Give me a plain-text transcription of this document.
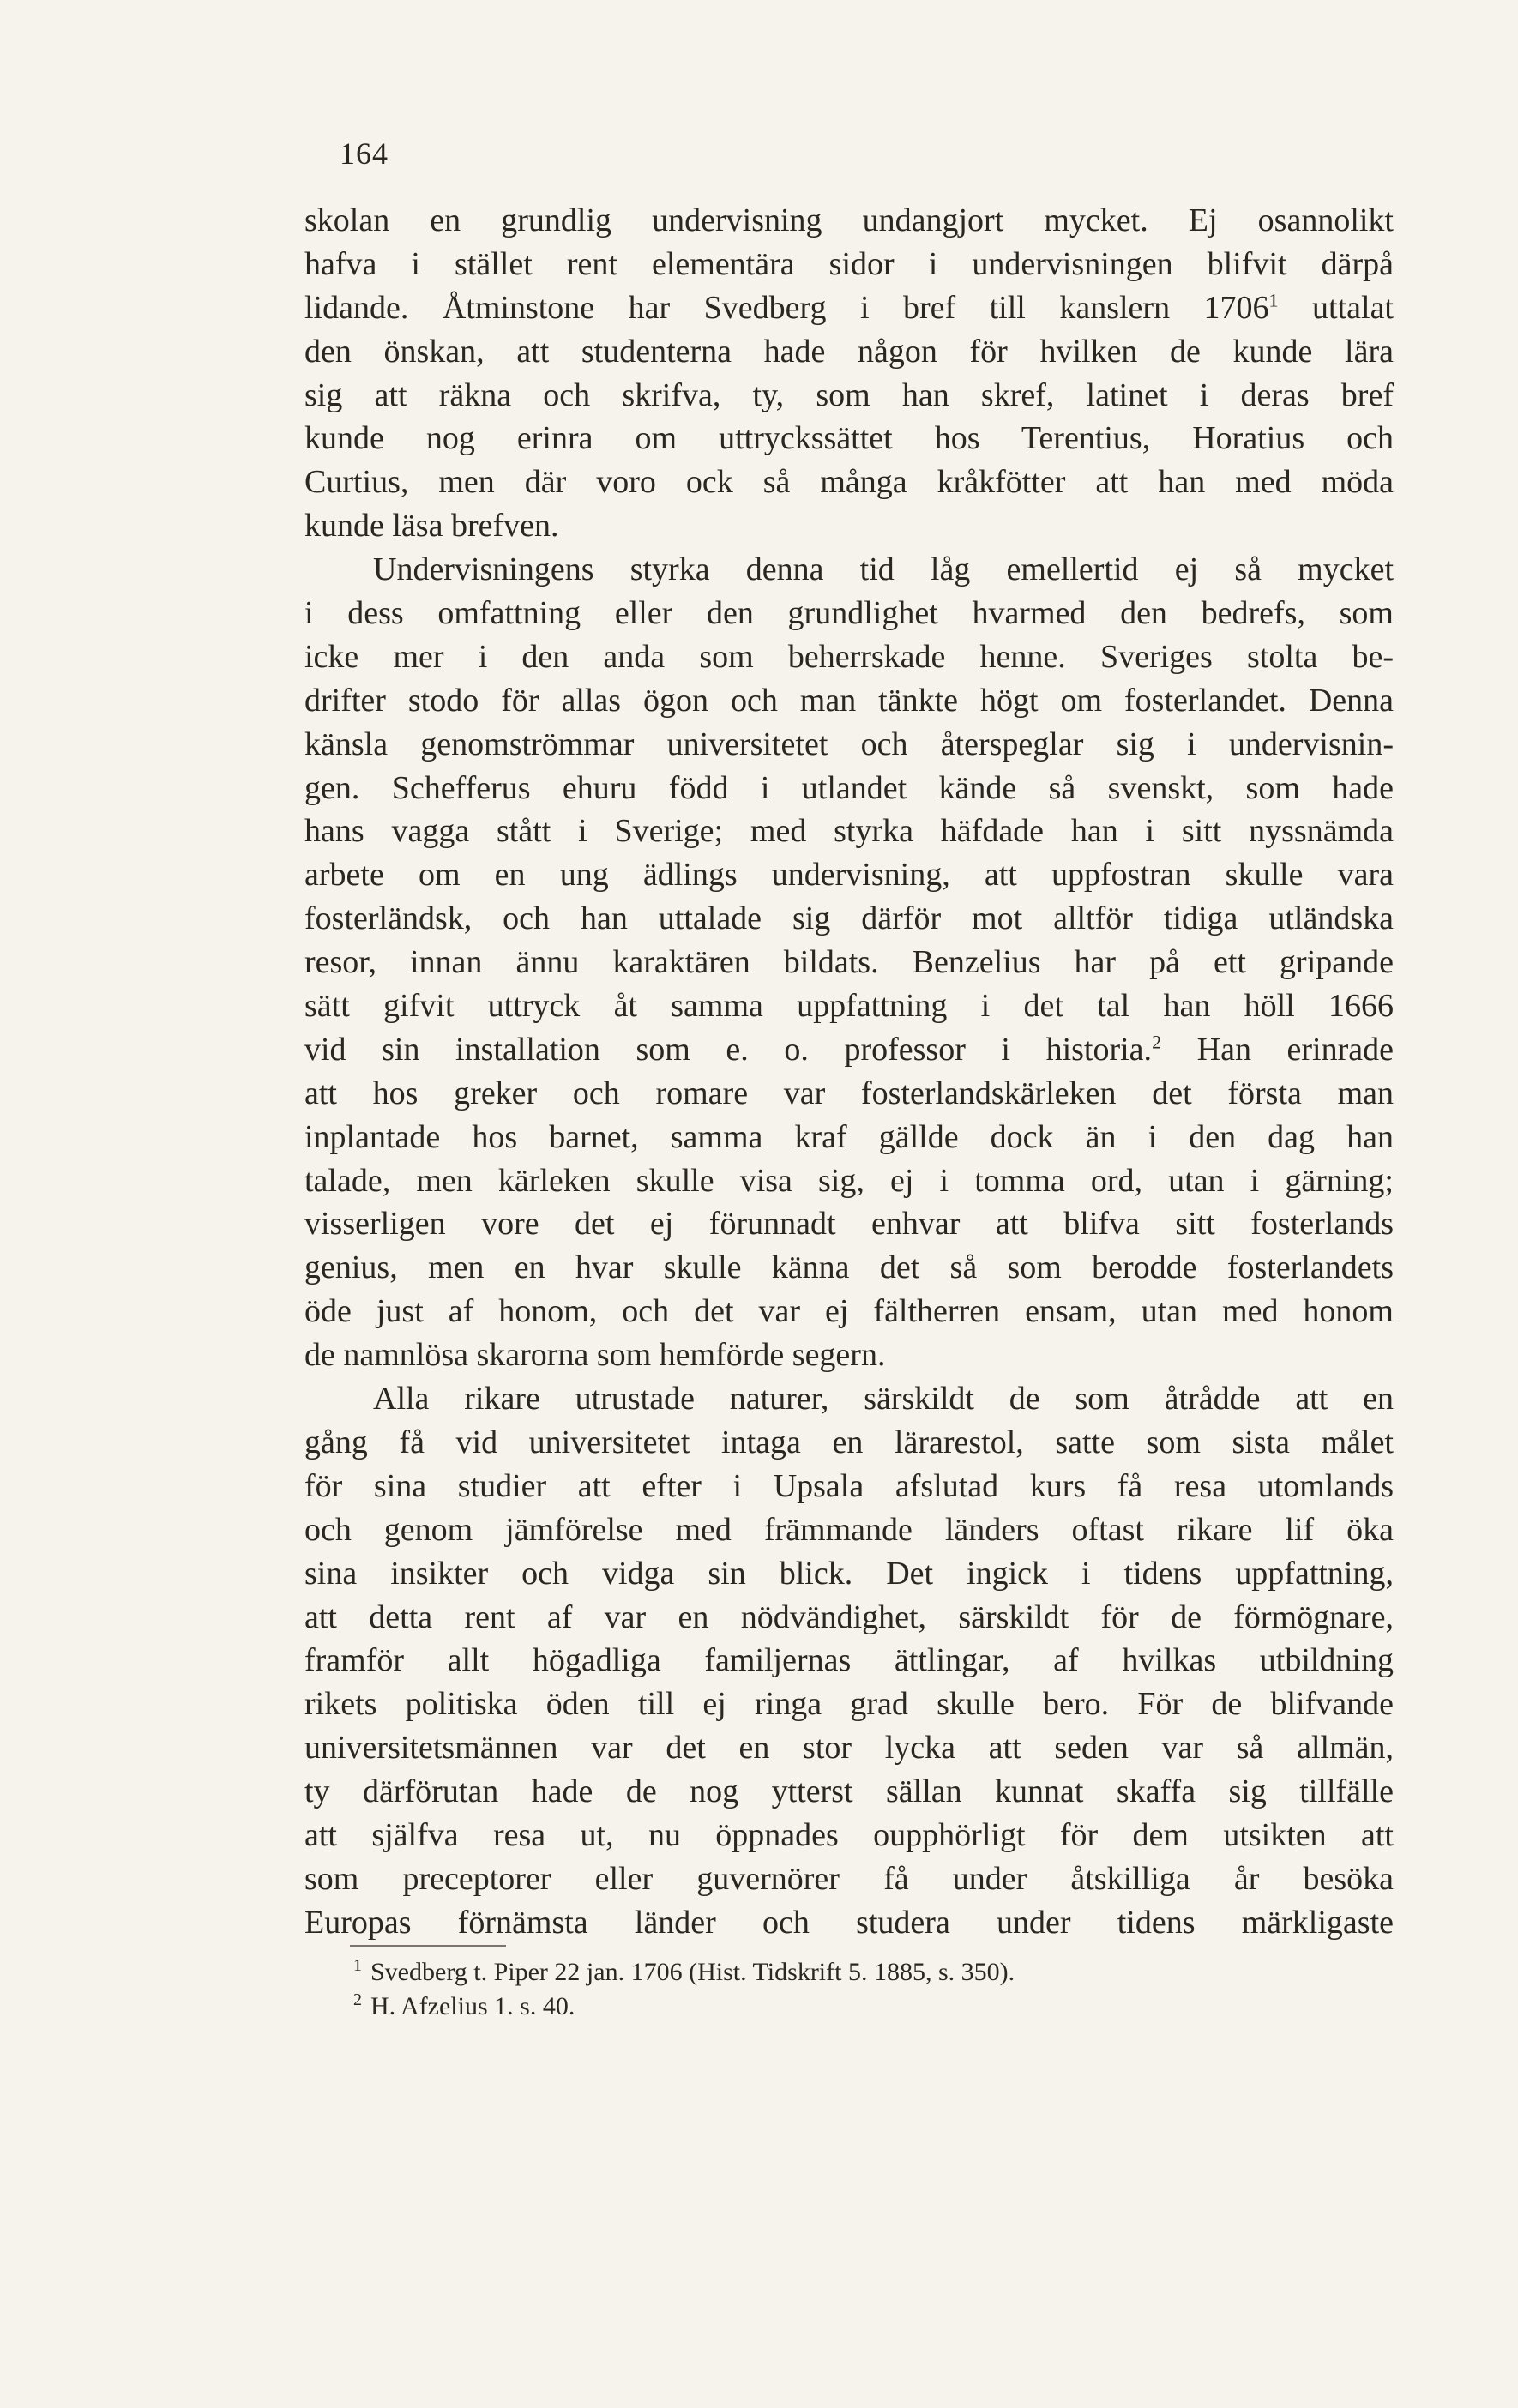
164
skolan en grundlig undervisning undangjort mycket. Ej osannolikt
hafva i stället rent elementära sidor i undervisningen blifvit därpå
lidande. Åtminstone har Svedberg i bref till kanslern 1706$^1$ uttalat
den önskan, att studenterna hade någon för hvilken de kunde lära
sig att räkna och skrifva, ty, som han skref, latinet i deras bref
kunde nog erinra om uttryckssättet hos Terentius, Horatius och
Curtius, men där voro ock så många kråkfötter att han med möda
kunde läsa brefven.
Undervisningens styrka denna tid låg emellertid ej så mycket
i dess omfattning eller den grundlighet hvarmed den bedrefs, som
icke mer i den anda som beherrskade henne. Sveriges stolta be-
drifter stodo för allas ögon och man tänkte högt om fosterlandet. Denna
känsla genomströmmar universitetet och återspeglar sig i undervisnin-
gen. Schefferus ehuru född i utlandet kände så svenskt, som hade
hans vagga stått i Sverige; med styrka häfdade han i sitt nyssnämda
arbete om en ung ädlings undervisning, att uppfostran skulle vara
fosterländsk, och han uttalade sig därför mot alltför tidiga utländska
resor, innan ännu karaktären bildats. Benzelius har på ett gripande
sätt gifvit uttryck åt samma uppfattning i det tal han höll 1666
vid sin installation som e. o. professor i historia.$^2$ Han erinrade
att hos greker och romare var fosterlandskärleken det första man
inplantade hos barnet, samma kraf gällde dock än i den dag han
talade, men kärleken skulle visa sig, ej i tomma ord, utan i gärning;
visserligen vore det ej förunnadt enhvar att blifva sitt fosterlands
genius, men en hvar skulle känna det så som berodde fosterlandets
öde just af honom, och det var ej fältherren ensam, utan med honom
de namnlösa skarorna som hemförde segern.
Alla rikare utrustade naturer, särskildt de som åtrådde att en
gång få vid universitetet intaga en lärarestol, satte som sista målet
för sina studier att efter i Upsala afslutad kurs få resa utomlands
och genom jämförelse med främmande länders oftast rikare lif öka
sina insikter och vidga sin blick. Det ingick i tidens uppfattning,
att detta rent af var en nödvändighet, särskildt för de förmögnare,
framför allt högadliga familjernas ättlingar, af hvilkas utbildning
rikets politiska öden till ej ringa grad skulle bero. För de blifvande
universitetsmännen var det en stor lycka att seden var så allmän,
ty därförutan hade de nog ytterst sällan kunnat skaffa sig tillfälle
att själfva resa ut, nu öppnades oupphörligt för dem utsikten att
som preceptorer eller guvernörer få under åtskilliga år besöka
Europas förnämsta länder och studera under tidens märkligaste
$^1$ Svedberg t. Piper 22 jan. 1706 (Hist. Tidskrift 5. 1885, s. 350).
$^2$ H. Afzelius 1. s. 40.
